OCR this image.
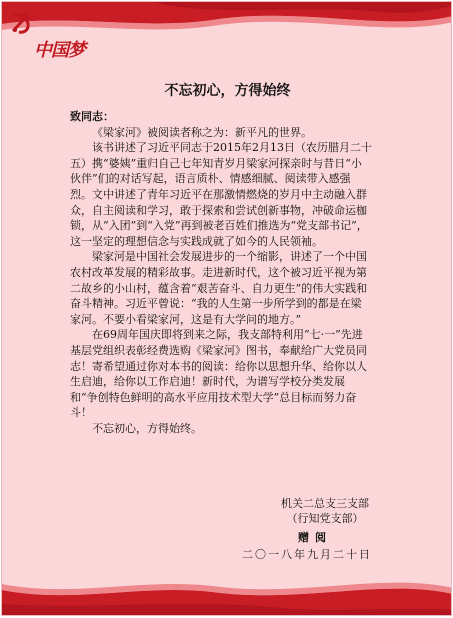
中国梦
不忘初心，方得始终

致同志：

《梁家河》被阅读者称之为：新平凡的世界。

该书讲述了习近平同志于2015年2月13日（农历腊月二十五）携“婆姨”重归自己七年知青岁月梁家河探亲时与昔日“小伙伴”们的对话写起，语言质朴、情感细腻、阅读带入感强烈。文中讲述了青年习近平在那激情燃烧的岁月中主动融入群众，自主阅读和学习，敢于探索和尝试创新事物，冲破命运枷锁，从“入团”到“入党”再到被老百姓们推选为“党支部书记”，这一坚定的理想信念与实践成就了如今的人民领袖。

梁家河是中国社会发展进步的一个缩影，讲述了一个中国农村改革发展的精彩故事。走进新时代，这个被习近平视为第二故乡的小山村，蕴含着“艰苦奋斗、自力更生”的伟大实践和奋斗精神。习近平曾说：“我的人生第一步所学到的都是在梁家河。不要小看梁家河，这是有大学问的地方。”

在69周年国庆即将到来之际，我支部特利用“七·一”先进基层党组织表彰经费选购《梁家河》图书，奉献给广大党员同志！寄希望通过你对本书的阅读：给你以思想升华、给你以人生启迪，给你以工作启迪！新时代，为谱写学校分类发展和“争创特色鲜明的高水平应用技术型大学”总目标而努力奋斗！

不忘初心，方得始终。

机关二总支三支部
（行知党支部）
赠阅
二〇一八年九月二十日
